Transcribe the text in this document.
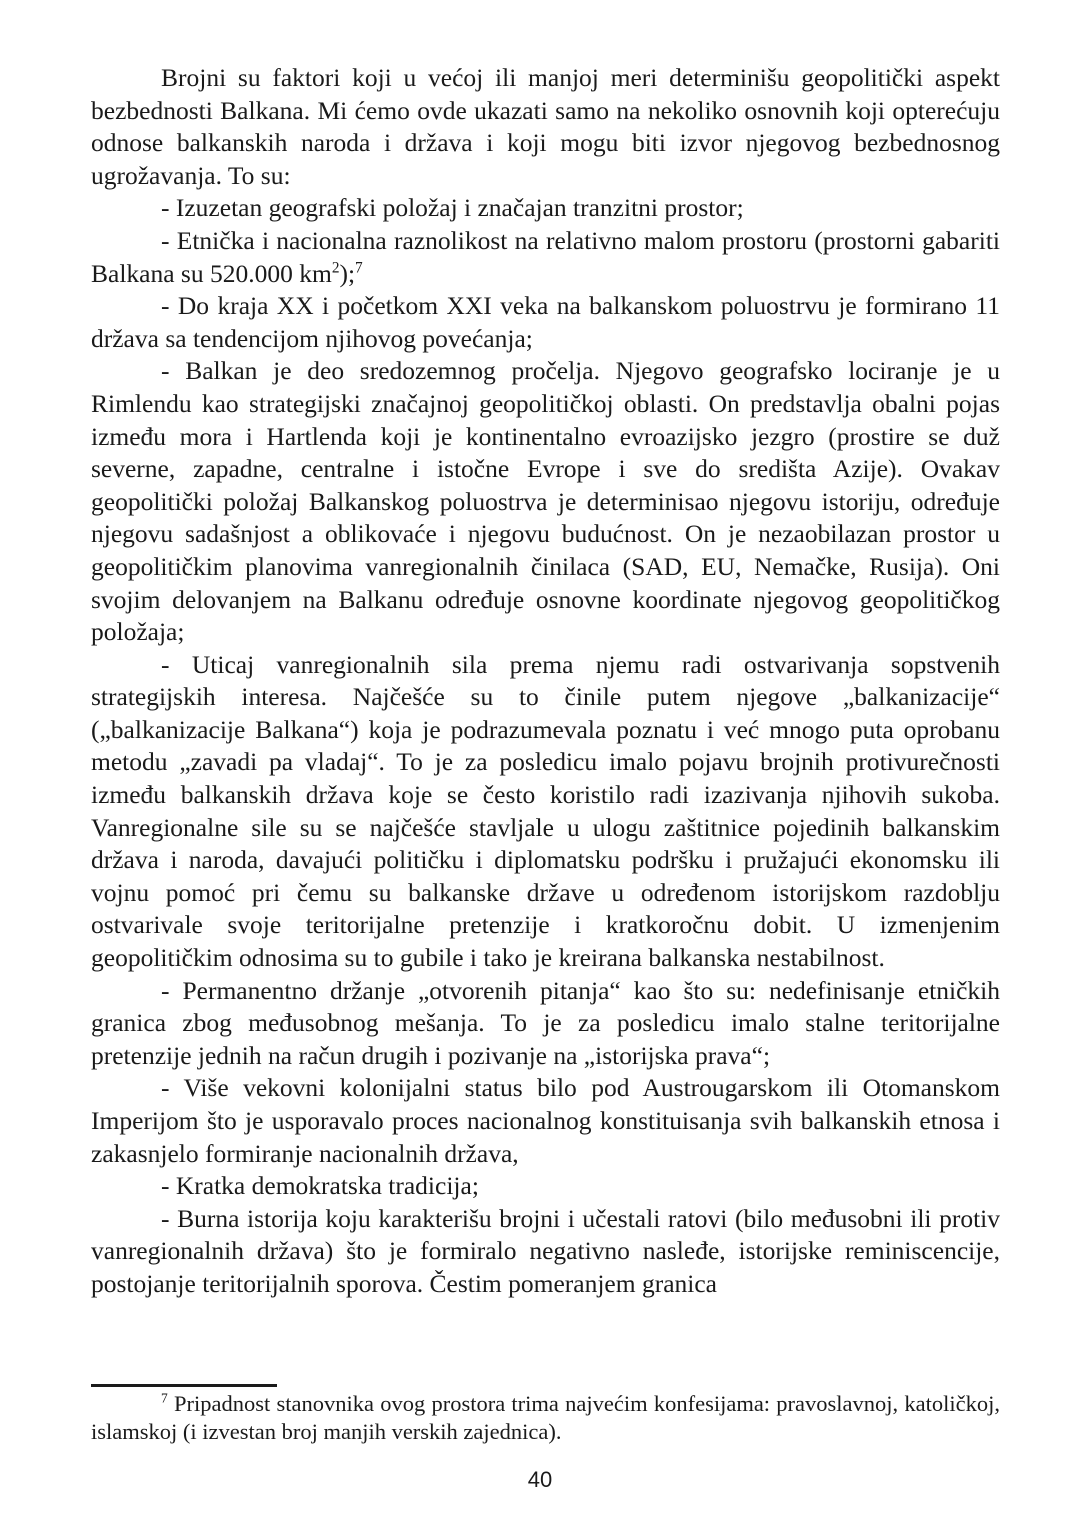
Brojni su faktori koji u većoj ili manjoj meri determinišu geopolitički aspekt bezbednosti Balkana. Mi ćemo ovde ukazati samo na nekoliko osnovnih koji opterećuju odnose balkanskih naroda i država i koji mogu biti izvor njegovog bezbednosnog ugrožavanja. To su:

- Izuzetan geografski položaj i značajan tranzitni prostor;

- Etnička i nacionalna raznolikost na relativno malom prostoru (prostorni gabariti Balkana su 520.000 $km^2);^7$

- Do kraja XX i početkom XXI veka na balkanskom poluostrvu je formirano 11 država sa tendencijom njihovog povećanja;

- Balkan je deo sredozemnog pročelja. Njegovo geografsko lociranje je u Rimlendu kao strategijski značajnoj geopolitičkoj oblasti. On predstavlja obalni pojas između mora i Hartlenda koji je kontinentalno evroazijsko jezgro (prostire se duž severne, zapadne, centralne i istočne Evrope i sve do središta Azije). Ovakav geopolitički položaj Balkanskog poluostrva je determinisao njegovu istoriju, određuje njegovu sadašnjost a oblikovaće i njegovu budućnost. On je nezaobilazan prostor u geopolitičkim planovima vanregionalnih činilaca (SAD, EU, Nemačke, Rusija). Oni svojim delovanjem na Balkanu određuje osnovne koordinate njegovog geopolitičkog položaja;

- Uticaj vanregionalnih sila prema njemu radi ostvarivanja sopstvenih strategijskih interesa. Najčešće su to činile putem njegove „balkanizacije“ („balkanizacije Balkana“) koja je podrazumevala poznatu i već mnogo puta oprobanu metodu „zavadi pa vladaj“. To je za posledicu imalo pojavu brojnih protivurečnosti između balkanskih država koje se često koristilo radi izazivanja njihovih sukoba. Vanregionalne sile su se najčešće stavljale u ulogu zaštitnice pojedinih balkanskim država i naroda, davajući političku i diplomatsku podršku i pružajući ekonomsku ili vojnu pomoć pri čemu su balkanske države u određenom istorijskom razdoblju ostvarivale svoje teritorijalne pretenzije i kratkoročnu dobit. U izmenjenim geopolitičkim odnosima su to gubile i tako je kreirana balkanska nestabilnost.

- Permanentno držanje „otvorenih pitanja“ kao što su: nedefinisanje etničkih granica zbog međusobnog mešanja. To je za posledicu imalo stalne teritorijalne pretenzije jednih na račun drugih i pozivanje na „istorijska prava“;

- Više vekovni kolonijalni status bilo pod Austrougarskom ili Otomanskom Imperijom što je usporavalo proces nacionalnog konstituisanja svih balkanskih etnosa i zakasnjelo formiranje nacionalnih država,

- Kratka demokratska tradicija;

- Burna istorija koju karakterišu brojni i učestali ratovi (bilo međusobni ili protiv vanregionalnih država) što je formiralo negativno nasleđe, istorijske reminiscencije, postojanje teritorijalnih sporova. Čestim pomeranjem granica

$^7$ Pripadnost stanovnika ovog prostora trima najvećim konfesijama: pravoslavnoj, katoličkoj, islamskoj (i izvestan broj manjih verskih zajednica).
40
